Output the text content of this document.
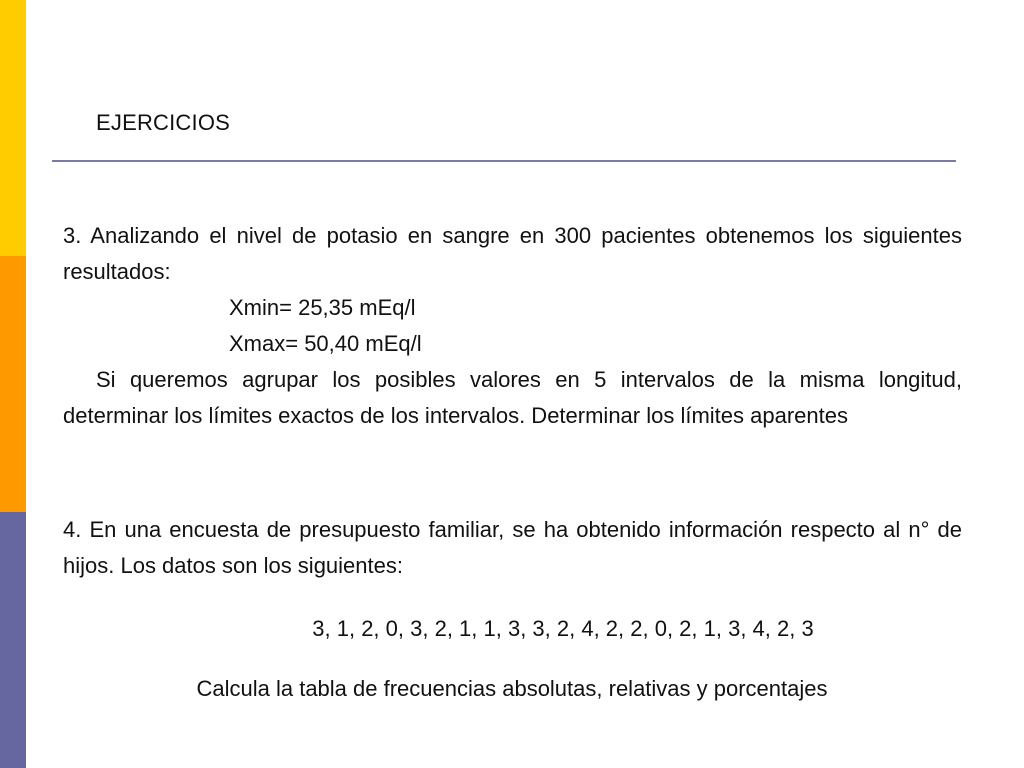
EJERCICIOS

3. Analizando el nivel de potasio en sangre en 300 pacientes obtenemos los siguientes resultados:

Xmin= 25,35 mEq/l

Xmax= 50,40 mEq/l

Si queremos agrupar los posibles valores en 5 intervalos de la misma longitud, determinar los límites exactos de los intervalos. Determinar los límites aparentes

4. En una encuesta de presupuesto familiar, se ha obtenido información respecto al n° de hijos. Los datos son los siguientes:

3, 1, 2, 0, 3, 2, 1, 1, 3, 3, 2, 4, 2, 2, 0, 2, 1, 3, 4, 2, 3
Calcula la tabla de frecuencias absolutas, relativas y porcentajes
